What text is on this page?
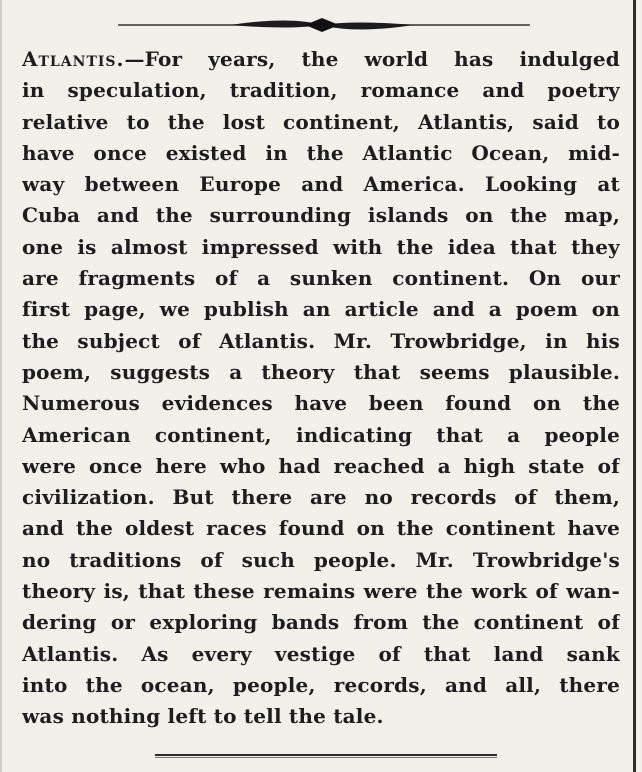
Atlantis.—For years, the world has indulged
in speculation, tradition, romance and poetry
relative to the lost continent, Atlantis, said to
have once existed in the Atlantic Ocean, mid-
way between Europe and America. Looking at
Cuba and the surrounding islands on the map,
one is almost impressed with the idea that they
are fragments of a sunken continent. On our
first page, we publish an article and a poem on
the subject of Atlantis. Mr. Trowbridge, in his
poem, suggests a theory that seems plausible.
Numerous evidences have been found on the
American continent, indicating that a people
were once here who had reached a high state of
civilization. But there are no records of them,
and the oldest races found on the continent have
no traditions of such people. Mr. Trowbridge's
theory is, that these remains were the work of wan-
dering or exploring bands from the continent of
Atlantis. As every vestige of that land sank
into the ocean, people, records, and all, there
was nothing left to tell the tale.
